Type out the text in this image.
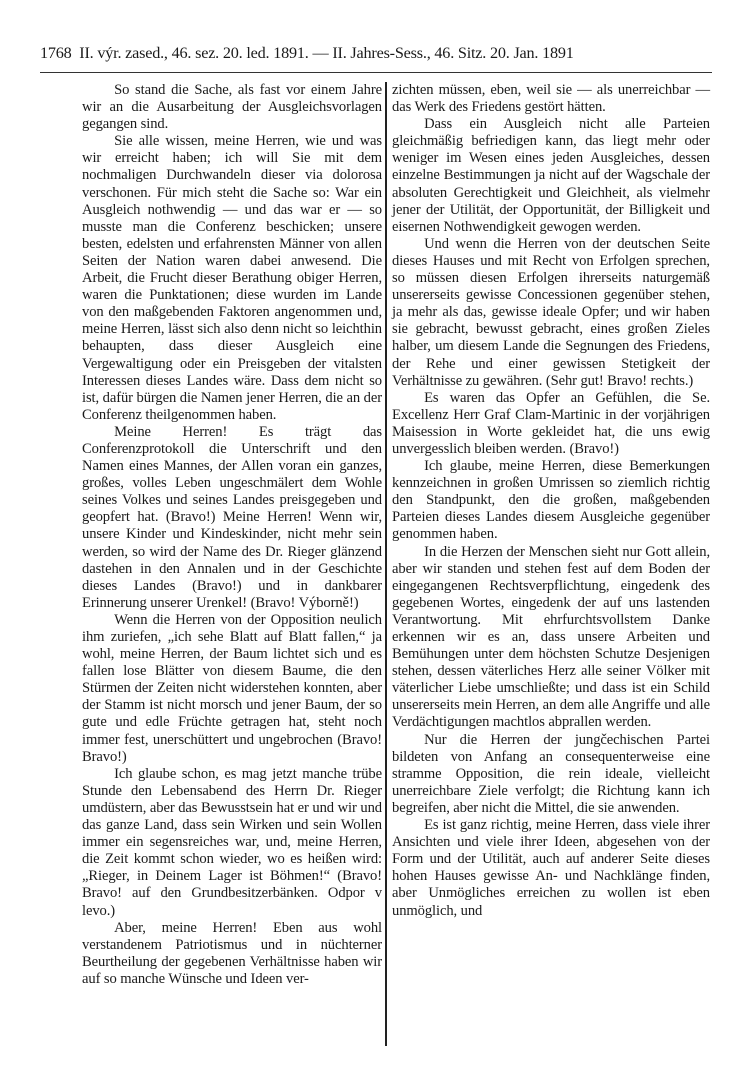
1768 II. výr. zased., 46. sez. 20. led. 1891. — II. Jahres-Sess., 46. Sitz. 20. Jan. 1891

So stand die Sache, als fast vor einem Jahre wir an die Ausarbeitung der Ausgleichsvorlagen gegangen sind.

Sie alle wissen, meine Herren, wie und was wir erreicht haben; ich will Sie mit dem nochmaligen Durchwandeln dieser via dolorosa verschonen. Für mich steht die Sache so: War ein Ausgleich nothwendig — und das war er — so musste man die Conferenz beschicken; unsere besten, edelsten und erfahrensten Männer von allen Seiten der Nation waren dabei anwesend. Die Arbeit, die Frucht dieser Berathung obiger Herren, waren die Punktationen; diese wurden im Lande von den maßgebenden Faktoren angenommen und, meine Herren, lässt sich also denn nicht so leichthin behaupten, dass dieser Ausgleich eine Vergewaltigung oder ein Preisgeben der vitalsten Interessen dieses Landes wäre. Dass dem nicht so ist, dafür bürgen die Namen jener Herren, die an der Conferenz theilgenommen haben.

Meine Herren! Es trägt das Conferenzprotokoll die Unterschrift und den Namen eines Mannes, der Allen voran ein ganzes, großes, volles Leben ungeschmälert dem Wohle seines Volkes und seines Landes preisgegeben und geopfert hat. (Bravo!) Meine Herren! Wenn wir, unsere Kinder und Kindeskinder, nicht mehr sein werden, so wird der Name des Dr. Rieger glänzend dastehen in den Annalen und in der Geschichte dieses Landes (Bravo!) und in dankbarer Erinnerung unserer Urenkel! (Bravo! Výborně!)

Wenn die Herren von der Opposition neulich ihm zuriefen, „ich sehe Blatt auf Blatt fallen,“ ja wohl, meine Herren, der Baum lichtet sich und es fallen lose Blätter von diesem Baume, die den Stürmen der Zeiten nicht widerstehen konnten, aber der Stamm ist nicht morsch und jener Baum, der so gute und edle Früchte getragen hat, steht noch immer fest, unerschüttert und ungebrochen (Bravo! Bravo!)

Ich glaube schon, es mag jetzt manche trübe Stunde den Lebensabend des Herrn Dr. Rieger umdüstern, aber das Bewusstsein hat er und wir und das ganze Land, dass sein Wirken und sein Wollen immer ein segensreiches war, und, meine Herren, die Zeit kommt schon wieder, wo es heißen wird: „Rieger, in Deinem Lager ist Böhmen!“ (Bravo! Bravo! auf den Grundbesitzerbänken. Odpor v levo.)

Aber, meine Herren! Eben aus wohl verstandenem Patriotismus und in nüchterner Beurtheilung der gegebenen Verhältnisse haben wir auf so manche Wünsche und Ideen ver-

zichten müssen, eben, weil sie — als unerreichbar — das Werk des Friedens gestört hätten.

Dass ein Ausgleich nicht alle Parteien gleichmäßig befriedigen kann, das liegt mehr oder weniger im Wesen eines jeden Ausgleiches, dessen einzelne Bestimmungen ja nicht auf der Wagschale der absoluten Gerechtigkeit und Gleichheit, als vielmehr jener der Utilität, der Opportunität, der Billigkeit und eisernen Nothwendigkeit gewogen werden.

Und wenn die Herren von der deutschen Seite dieses Hauses und mit Recht von Erfolgen sprechen, so müssen diesen Erfolgen ihrerseits naturgemäß unsererseits gewisse Concessionen gegenüber stehen, ja mehr als das, gewisse ideale Opfer; und wir haben sie gebracht, bewusst gebracht, eines großen Zieles halber, um diesem Lande die Segnungen des Friedens, der Rehe und einer gewissen Stetigkeit der Verhältnisse zu gewähren. (Sehr gut! Bravo! rechts.)

Es waren das Opfer an Gefühlen, die Se. Excellenz Herr Graf Clam-Martinic in der vorjährigen Maisession in Worte gekleidet hat, die uns ewig unvergesslich bleiben werden. (Bravo!)

Ich glaube, meine Herren, diese Bemerkungen kennzeichnen in großen Umrissen so ziemlich richtig den Standpunkt, den die großen, maßgebenden Parteien dieses Landes diesem Ausgleiche gegenüber genommen haben.

In die Herzen der Menschen sieht nur Gott allein, aber wir standen und stehen fest auf dem Boden der eingegangenen Rechtsverpflichtung, eingedenk des gegebenen Wortes, eingedenk der auf uns lastenden Verantwortung. Mit ehrfurchtsvollstem Danke erkennen wir es an, dass unsere Arbeiten und Bemühungen unter dem höchsten Schutze Desjenigen stehen, dessen väterliches Herz alle seiner Völker mit väterlicher Liebe umschließte; und dass ist ein Schild unsererseits mein Herren, an dem alle Angriffe und alle Verdächtigungen machtlos abprallen werden.

Nur die Herren der jungčechischen Partei bildeten von Anfang an consequenterweise eine stramme Opposition, die rein ideale, vielleicht unerreichbare Ziele verfolgt; die Richtung kann ich begreifen, aber nicht die Mittel, die sie anwenden.

Es ist ganz richtig, meine Herren, dass viele ihrer Ansichten und viele ihrer Ideen, abgesehen von der Form und der Utilität, auch auf anderer Seite dieses hohen Hauses gewisse An- und Nachklänge finden, aber Unmögliches erreichen zu wollen ist eben unmöglich, und
